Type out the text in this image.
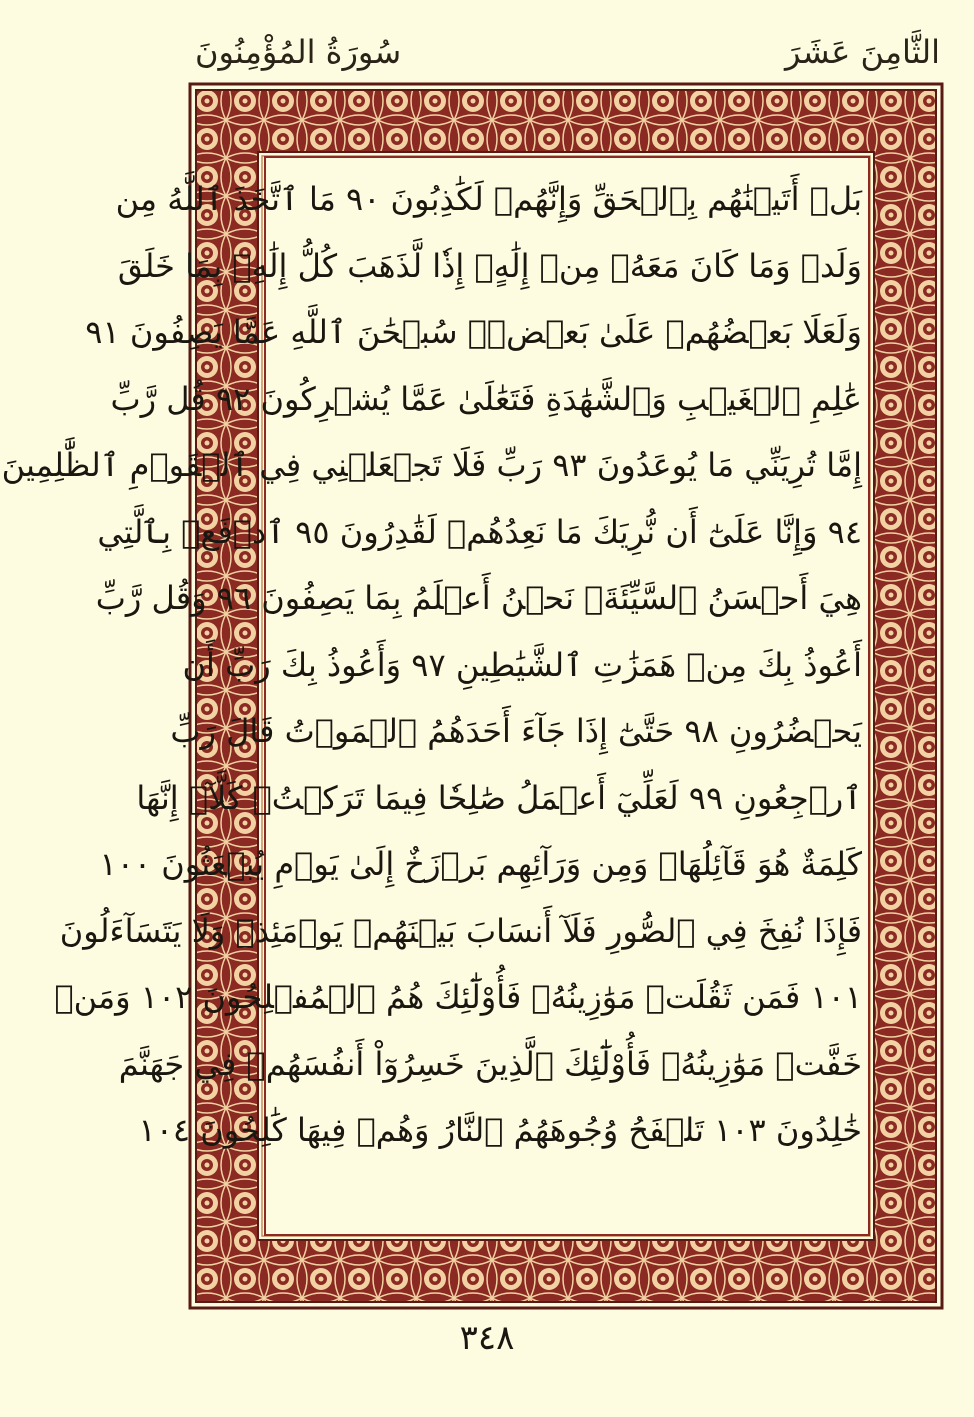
سُورَةُ المُؤْمِنُونَ	الثَّامِنَ عَشَرَ
بَلۡ أَتَيۡنَٰهُم بِٱلۡحَقِّ وَإِنَّهُمۡ لَكَٰذِبُونَ ٩٠ مَا ٱتَّخَذَ ٱللَّهُ مِن
وَلَدٖ وَمَا كَانَ مَعَهُۥ مِنۡ إِلَٰهٍۚ إِذٗا لَّذَهَبَ كُلُّ إِلَٰهِۭ بِمَا خَلَقَ
وَلَعَلَا بَعۡضُهُمۡ عَلَىٰ بَعۡضٖۚ سُبۡحَٰنَ ٱللَّهِ عَمَّا يَصِفُونَ ٩١
عَٰلِمِ ٱلۡغَيۡبِ وَٱلشَّهَٰدَةِ فَتَعَٰلَىٰ عَمَّا يُشۡرِكُونَ ٩٢ قُل رَّبِّ
إِمَّا تُرِيَنِّي مَا يُوعَدُونَ ٩٣ رَبِّ فَلَا تَجۡعَلۡنِي فِي ٱلۡقَوۡمِ ٱلظَّٰلِمِينَ
٩٤ وَإِنَّا عَلَىٰٓ أَن نُّرِيَكَ مَا نَعِدُهُمۡ لَقَٰدِرُونَ ٩٥ ٱدۡفَعۡ بِٱلَّتِي
هِيَ أَحۡسَنُ ٱلسَّيِّئَةَۚ نَحۡنُ أَعۡلَمُ بِمَا يَصِفُونَ ٩٦ وَقُل رَّبِّ
أَعُوذُ بِكَ مِنۡ هَمَزَٰتِ ٱلشَّيَٰطِينِ ٩٧ وَأَعُوذُ بِكَ رَبِّ أَن
يَحۡضُرُونِ ٩٨ حَتَّىٰٓ إِذَا جَآءَ أَحَدَهُمُ ٱلۡمَوۡتُ قَالَ رَبِّ
ٱرۡجِعُونِ ٩٩ لَعَلِّيٓ أَعۡمَلُ صَٰلِحٗا فِيمَا تَرَكۡتُۚ كَلَّآۚ إِنَّهَا
كَلِمَةٌ هُوَ قَآئِلُهَاۖ وَمِن وَرَآئِهِم بَرۡزَخٌ إِلَىٰ يَوۡمِ يُبۡعَثُونَ ١٠٠
فَإِذَا نُفِخَ فِي ٱلصُّورِ فَلَآ أَنسَابَ بَيۡنَهُمۡ يَوۡمَئِذٖ وَلَا يَتَسَآءَلُونَ
١٠١ فَمَن ثَقُلَتۡ مَوَٰزِينُهُۥ فَأُوْلَٰٓئِكَ هُمُ ٱلۡمُفۡلِحُونَ ١٠٢ وَمَنۡ
خَفَّتۡ مَوَٰزِينُهُۥ فَأُوْلَٰٓئِكَ ٱلَّذِينَ خَسِرُوٓاْ أَنفُسَهُمۡ فِي جَهَنَّمَ
خَٰلِدُونَ ١٠٣ تَلۡفَحُ وُجُوهَهُمُ ٱلنَّارُ وَهُمۡ فِيهَا كَٰلِحُونَ ١٠٤
٣٤٨
